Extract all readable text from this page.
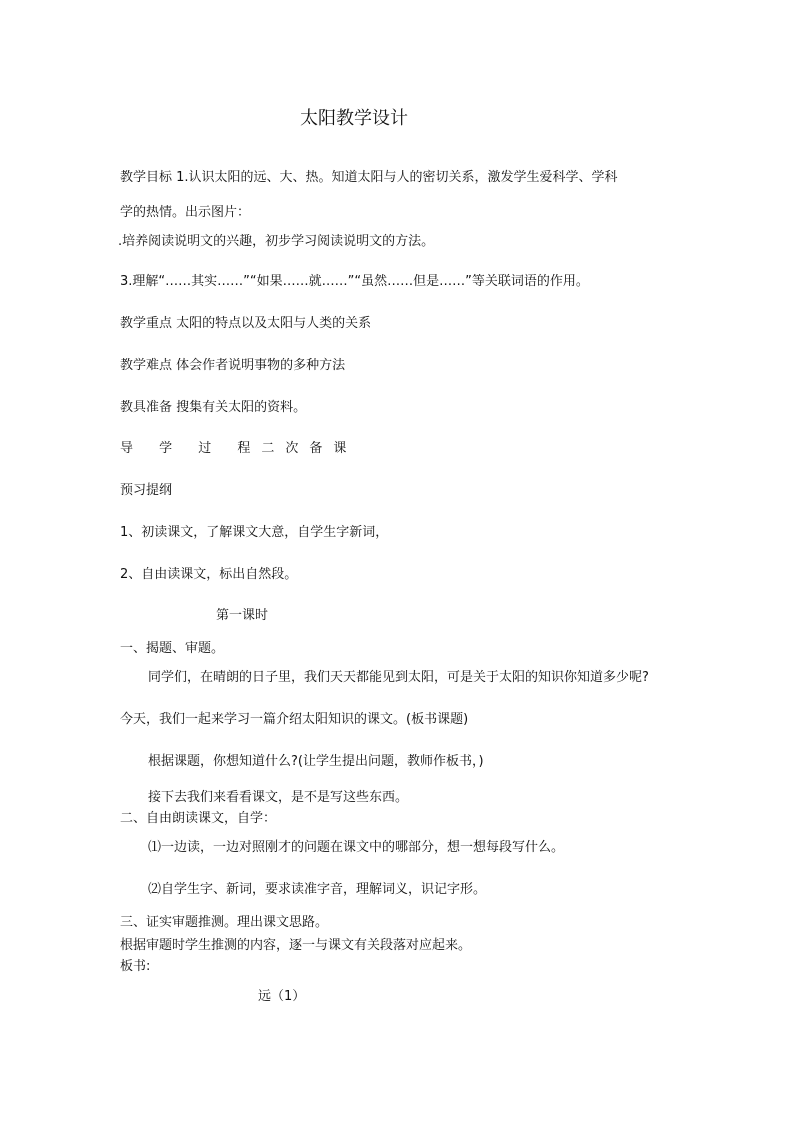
太阳教学设计

教学目标 1.认识太阳的远、大、热。知道太阳与人的密切关系，激发学生爱科学、学科

学的热情。出示图片：

.培养阅读说明文的兴趣，初步学习阅读说明文的方法。

3.理解“……其实……”“如果……就……”“虽然……但是……”等关联词语的作用。

教学重点 太阳的特点以及太阳与人类的关系

教学难点 体会作者说明事物的多种方法

教具准备 搜集有关太阳的资料。

导 学 过 程二次备课

预习提纲

1、初读课文，了解课文大意，自学生字新词，

2、自由读课文，标出自然段。

第一课时

一、揭题、审题。

同学们，在晴朗的日子里，我们天天都能见到太阳，可是关于太阳的知识你知道多少呢?

今天，我们一起来学习一篇介绍太阳知识的课文。(板书课题)

根据课题，你想知道什么?(让学生提出问题，教师作板书，)

接下去我们来看看课文，是不是写这些东西。

二、自由朗读课文，自学：

⑴一边读，一边对照刚才的问题在课文中的哪部分，想一想每段写什么。

⑵自学生字、新词，要求读准字音，理解词义，识记字形。

三、证实审题推测。理出课文思路。

根据审题时学生推测的内容，逐一与课文有关段落对应起来。

板书:

远（1）
